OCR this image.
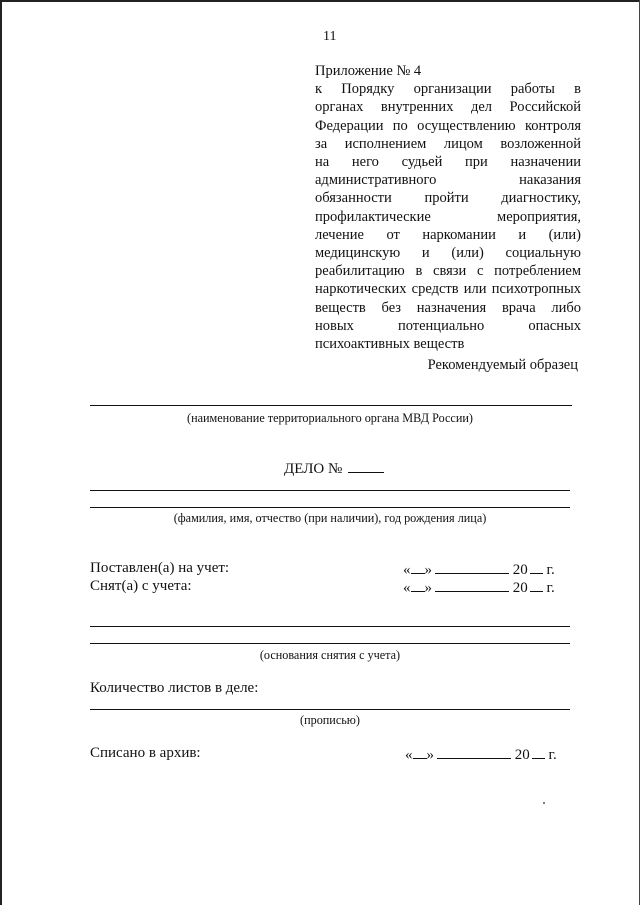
11
Приложение № 4
к Порядку организации работы в
органах внутренних дел Российской
Федерации по осуществлению контроля
за исполнением лицом возложенной
на него судьей при назначении
административного наказания
обязанности пройти диагностику,
профилактические мероприятия,
лечение от наркомании и (или)
медицинскую и (или) социальную
реабилитацию в связи с потреблением
наркотических средств или психотропных
веществ без назначения врача либо
новых потенциально опасных
психоактивных веществ
Рекомендуемый образец
(наименование территориального органа МВД России)
ДЕЛО №
(фамилия, имя, отчество (при наличии), год рождения лица)
Поставлен(а) на учет:	« »	20 г.
Снят(а) с учета:	« »	20 г.
(основания снятия с учета)
Количество листов в деле:
(прописью)
Списано в архив:	« »	20 г.
